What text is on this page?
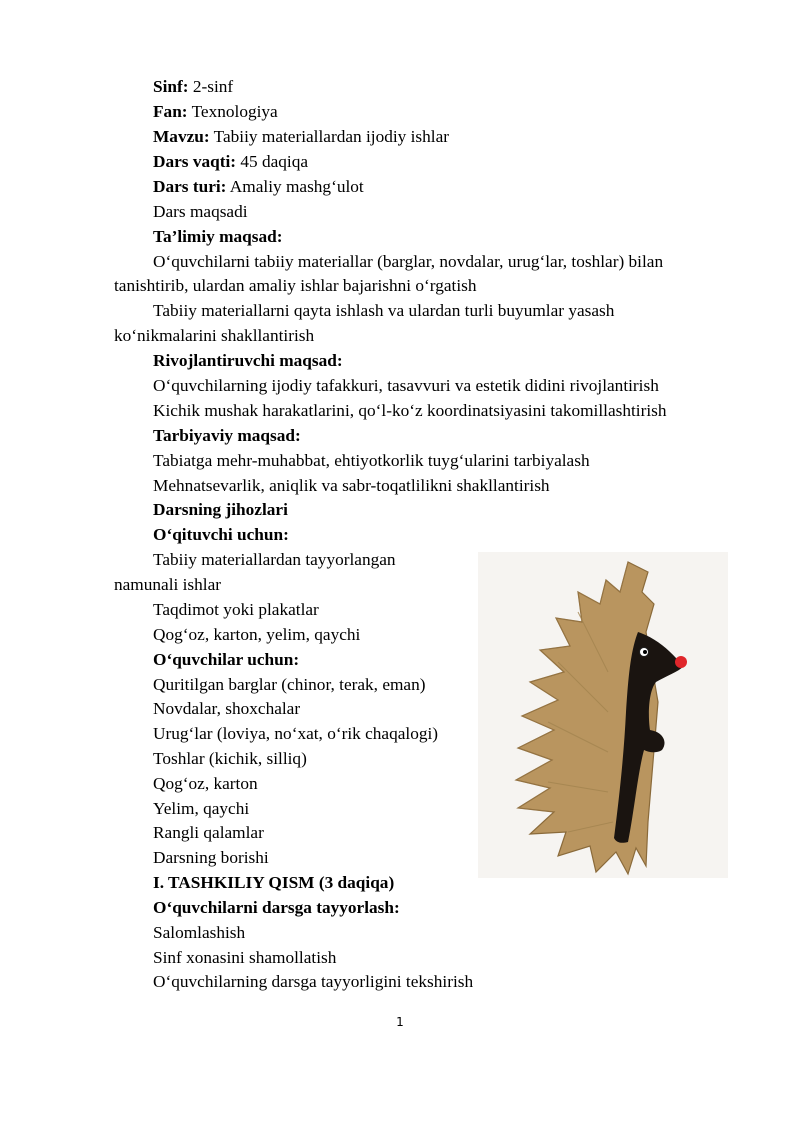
Sinf: 2-sinf
Fan: Texnologiya
Mavzu: Tabiiy materiallardan ijodiy ishlar
Dars vaqti: 45 daqiqa
Dars turi: Amaliy mashg‘ulot
Dars maqsadi
Ta’limiy maqsad:
O‘quvchilarni tabiiy materiallar (barglar, novdalar, urug‘lar, toshlar) bilan
tanishtirib, ulardan amaliy ishlar bajarishni o‘rgatish
Tabiiy materiallarni qayta ishlash va ulardan turli buyumlar yasash
ko‘nikmalarini shakllantirish
Rivojlantiruvchi maqsad:
O‘quvchilarning ijodiy tafakkuri, tasavvuri va estetik didini rivojlantirish
Kichik mushak harakatlarini, qo‘l-ko‘z koordinatsiyasini takomillashtirish
Tarbiyaviy maqsad:
Tabiatga mehr-muhabbat, ehtiyotkorlik tuyg‘ularini tarbiyalash
Mehnatsevarlik, aniqlik va sabr-toqatlilikni shakllantirish
Darsning jihozlari
O‘qituvchi uchun:
Tabiiy materiallardan tayyorlangan
namunali ishlar
Taqdimot yoki plakatlar
Qog‘oz, karton, yelim, qaychi
O‘quvchilar uchun:
Quritilgan barglar (chinor, terak, eman)
Novdalar, shoxchalar
Urug‘lar (loviya, no‘xat, o‘rik chaqalogi)
Toshlar (kichik, silliq)
Qog‘oz, karton
Yelim, qaychi
Rangli qalamlar
Darsning borishi
I. TASHKILIY QISM (3 daqiqa)
O‘quvchilarni darsga tayyorlash:
Salomlashish
Sinf xonasini shamollatish
O‘quvchilarning darsga tayyorligini tekshirish
1
